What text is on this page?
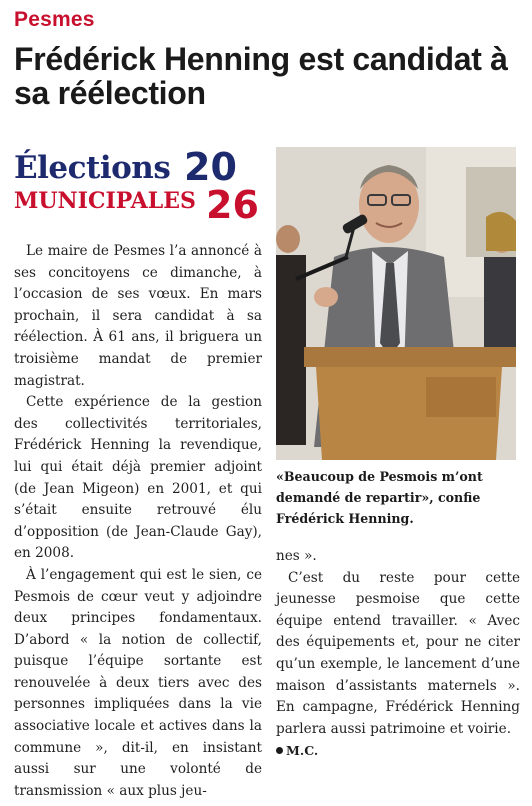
Pesmes
Frédérick Henning est candidat à sa réélection
Élections
MUNICIPALES
20
26
«Beaucoup de Pesmois m’ont demandé de repartir», confie Frédérick Henning.

Le maire de Pesmes l’a annoncé à ses concitoyens ce dimanche, à l’occasion de ses vœux. En mars prochain, il sera candidat à sa réélection. À 61 ans, il briguera un troisième mandat de premier magistrat.

Cette expérience de la gestion des collectivités territoriales, Frédérick Henning la revendique, lui qui était déjà premier adjoint (de Jean Migeon) en 2001, et qui s’était ensuite retrouvé élu d’opposition (de Jean-Claude Gay), en 2008.

À l’engagement qui est le sien, ce Pesmois de cœur veut y adjoindre deux principes fondamentaux. D’abord « la notion de collectif, puisque l’équipe sortante est renouvelée à deux tiers avec des personnes impliquées dans la vie associative locale et actives dans la commune », dit-il, en insistant aussi sur une volonté de transmission « aux plus jeu-

nes ».

C’est du reste pour cette jeunesse pesmoise que cette équipe entend travailler. « Avec des équipements et, pour ne citer qu’un exemple, le lancement d’une maison d’assistants maternels ». En campagne, Frédérick Henning parlera aussi patrimoine et voirie.

M.C.
